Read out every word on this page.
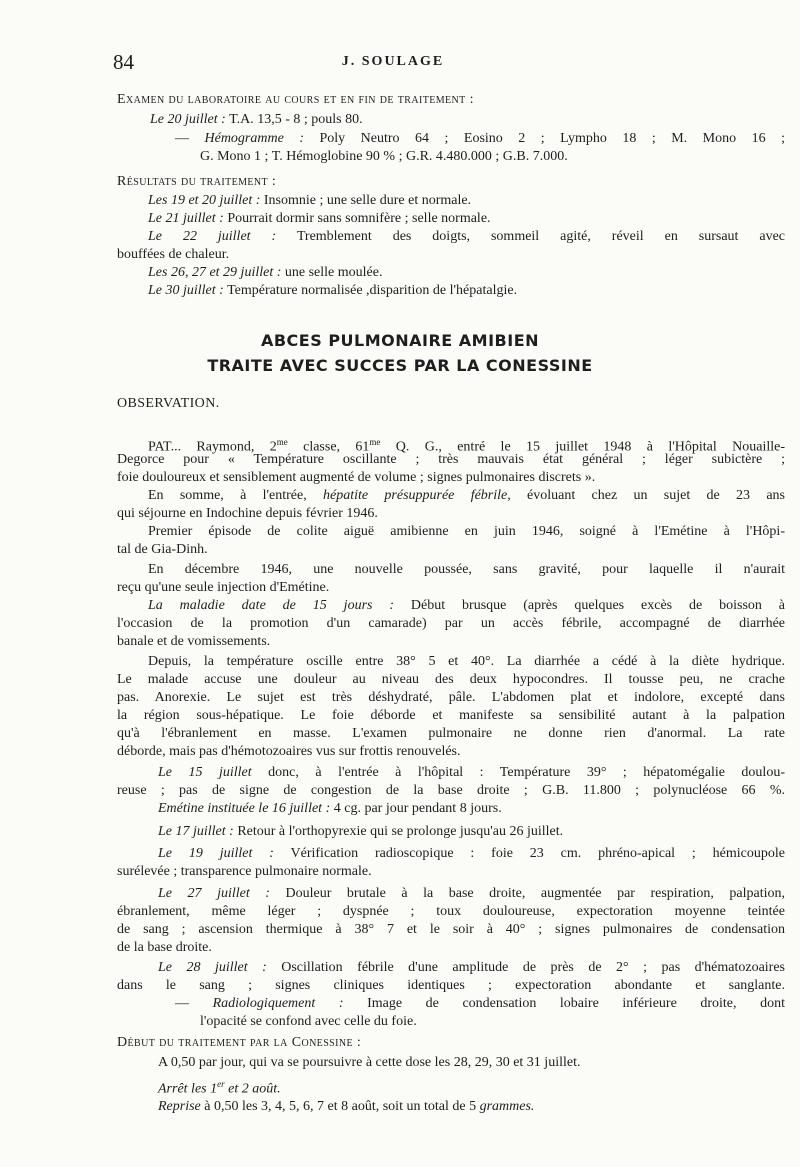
84	J. SOULAGE
ABCES PULMONAIRE AMIBIEN
TRAITE AVEC SUCCES PAR LA CONESSINE
OBSERVATION.
Examen du laboratoire au cours et en fin de traitement :
Le 20 juillet : T.A. 13,5 - 8 ; pouls 80.
— Hémogramme : Poly Neutro 64 ; Eosino 2 ; Lympho 18 ; M. Mono 16 ;
G. Mono 1 ; T. Hémoglobine 90 % ; G.R. 4.480.000 ; G.B. 7.000.
Résultats du traitement :
Les 19 et 20 juillet : Insomnie ; une selle dure et normale.
Le 21 juillet : Pourrait dormir sans somnifère ; selle normale.
Le 22 juillet : Tremblement des doigts, sommeil agité, réveil en sursaut avec
bouffées de chaleur.
Les 26, 27 et 29 juillet : une selle moulée.
Le 30 juillet : Température normalisée ,disparition de l'hépatalgie.
PAT... Raymond, $2^{me}$ classe, $61^{me}$ Q. G., entré le 15 juillet 1948 à l'Hôpital Nouaille-
Degorce pour « Température oscillante ; très mauvais état général ; léger subictère ;
foie douloureux et sensiblement augmenté de volume ; signes pulmonaires discrets ».
En somme, à l'entrée, hépatite présuppurée fébrile, évoluant chez un sujet de 23 ans
qui séjourne en Indochine depuis février 1946.
Premier épisode de colite aiguë amibienne en juin 1946, soigné à l'Emétine à l'Hôpi-
tal de Gia-Dinh.
En décembre 1946, une nouvelle poussée, sans gravité, pour laquelle il n'aurait
reçu qu'une seule injection d'Emétine.
La maladie date de 15 jours : Début brusque (après quelques excès de boisson à
l'occasion de la promotion d'un camarade) par un accès fébrile, accompagné de diarrhée
banale et de vomissements.
Depuis, la température oscille entre 38° 5 et 40°. La diarrhée a cédé à la diète hydrique.
Le malade accuse une douleur au niveau des deux hypocondres. Il tousse peu, ne crache
pas. Anorexie. Le sujet est très déshydraté, pâle. L'abdomen plat et indolore, excepté dans
la région sous-hépatique. Le foie déborde et manifeste sa sensibilité autant à la palpation
qu'à l'ébranlement en masse. L'examen pulmonaire ne donne rien d'anormal. La rate
déborde, mais pas d'hémotozoaires vus sur frottis renouvelés.
Le 15 juillet donc, à l'entrée à l'hôpital : Température 39° ; hépatomégalie doulou-
reuse ; pas de signe de congestion de la base droite ; G.B. 11.800 ; polynucléose 66 %.
Emétine instituée le 16 juillet : 4 cg. par jour pendant 8 jours.
Le 17 juillet : Retour à l'orthopyrexie qui se prolonge jusqu'au 26 juillet.
Le 19 juillet : Vérification radioscopique : foie 23 cm. phréno-apical ; hémicoupole
surélevée ; transparence pulmonaire normale.
Le 27 juillet : Douleur brutale à la base droite, augmentée par respiration, palpation,
ébranlement, même léger ; dyspnée ; toux douloureuse, expectoration moyenne teintée
de sang ; ascension thermique à 38° 7 et le soir à 40° ; signes pulmonaires de condensation
de la base droite.
Le 28 juillet : Oscillation fébrile d'une amplitude de près de 2° ; pas d'hématozoaires
dans le sang ; signes cliniques identiques ; expectoration abondante et sanglante.
— Radiologiquement : Image de condensation lobaire inférieure droite, dont
l'opacité se confond avec celle du foie.
Début du traitement par la Conessine :
A 0,50 par jour, qui va se poursuivre à cette dose les 28, 29, 30 et 31 juillet.
Arrêt les 1er et 2 août.
Reprise à 0,50 les 3, 4, 5, 6, 7 et 8 août, soit un total de 5 grammes.
